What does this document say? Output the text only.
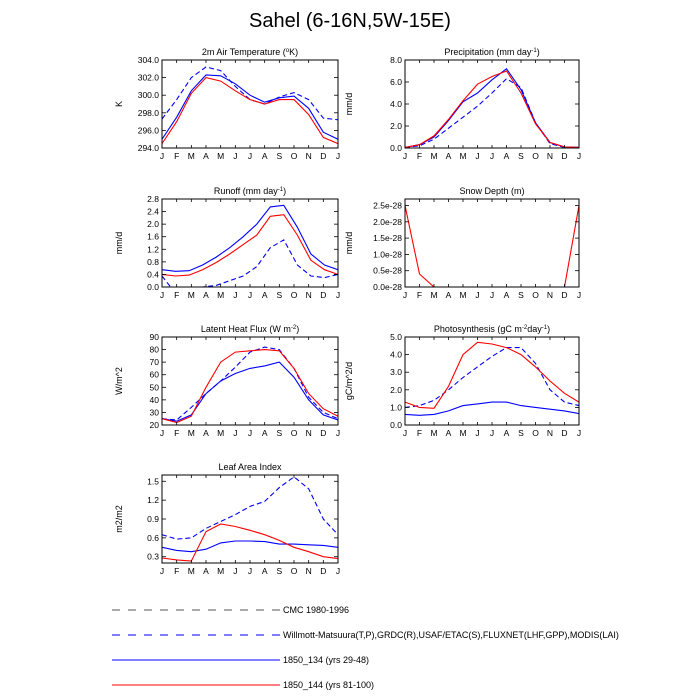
Sahel (6-16N,5W-15E)
J F M A M J J A S O N D J
294.0
296.0
298.0
300.0
302.0
304.0
2m Air Temperature ($^o$K)
K
J F M A M J J A S O N D J
0.0
2.0
4.0
6.0
8.0
Precipitation (mm day$^{-1}$)
mm/d
J F M A M J J A S O N D J
0.0
0.4
0.8
1.2
1.6
2.0
2.4
2.8
Runoff (mm day$^{-1}$)
mm/d
J F M A M J J A S O N D J
0.0e-28
0.5e-28
1.0e-28
1.5e-28
2.0e-28
2.5e-28
Snow Depth (m)
mm/d
J F M A M J J A S O N D J
20
30
40
50
60
70
80
90
Latent Heat Flux (W $m^{-2}$)
W/m^2
J F M A M J J A S O N D J
0.0
1.0
2.0
3.0
4.0
5.0
Photosynthesis (gC $m^{-2}day^{-1}$)
gC/m^2/d
J F M A M J J A S O N D J
0.3
0.6
0.9
1.2
1.5
Leaf Area Index
m2/m2
CMC 1980-1996
Willmott-Matsuura(T,P),GRDC(R),USAF/ETAC(S),FLUXNET(LHF,GPP),MODIS(LAI)
1850_134 (yrs 29-48)
1850_144 (yrs 81-100)
